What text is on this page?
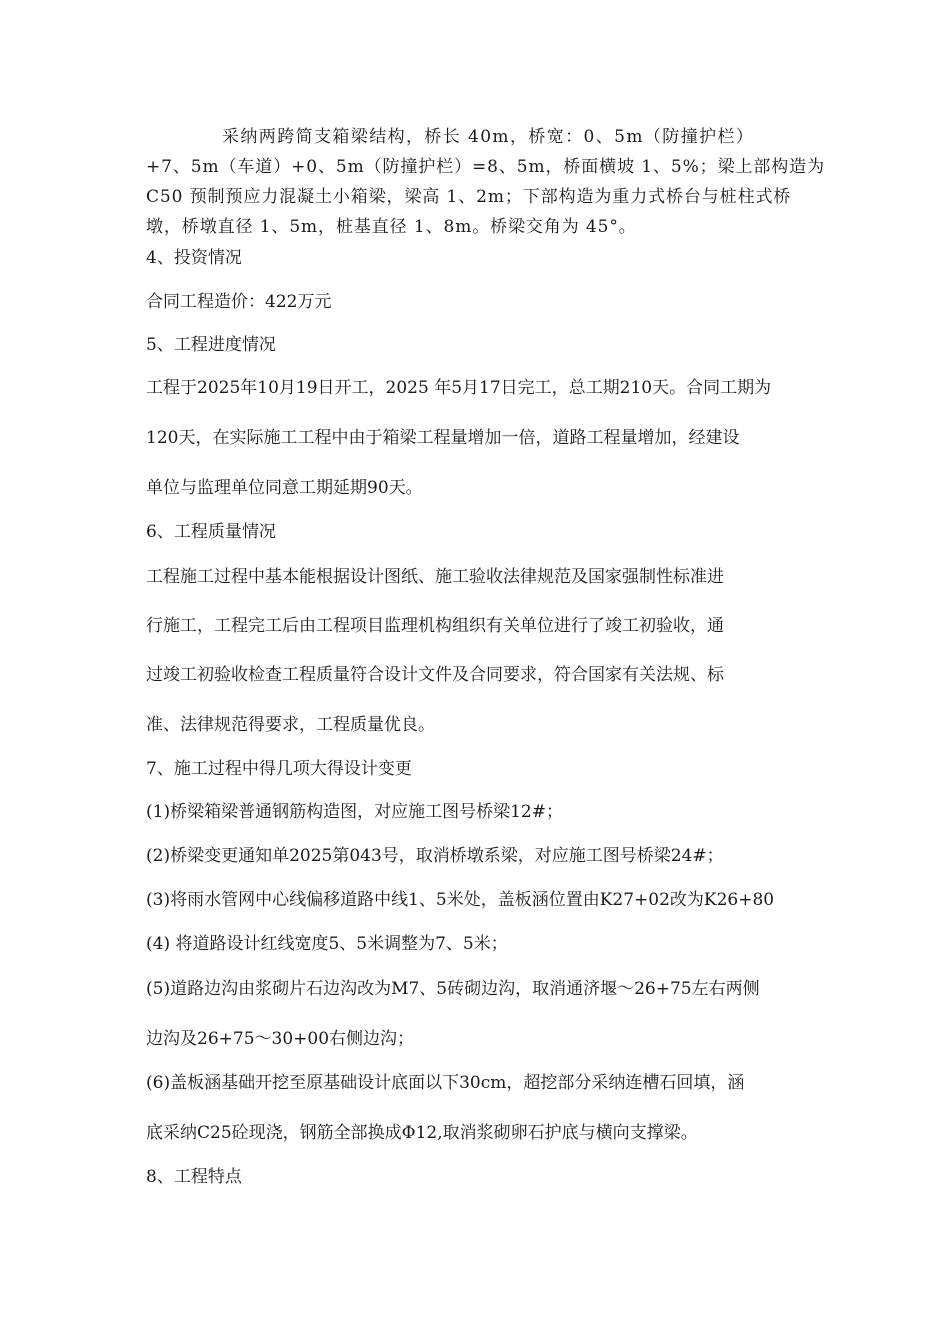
采纳两跨简支箱梁结构，桥长 40m，桥宽：0、5m（防撞护栏）
+7、5m（车道）+0、5m（防撞护栏）=8、5m，桥面横坡 1、5%；梁上部构造为
C50 预制预应力混凝土小箱梁，梁高 1、2m；下部构造为重力式桥台与桩柱式桥
墩，桥墩直径 1、5m，桩基直径 1、8m。桥梁交角为 45°。
4、投资情况
合同工程造价：422万元
5、工程进度情况
工程于2025年10月19日开工，2025 年5月17日完工，总工期210天。合同工期为
120天，在实际施工工程中由于箱梁工程量增加一倍，道路工程量增加，经建设
单位与监理单位同意工期延期90天。
6、工程质量情况
工程施工过程中基本能根据设计图纸、施工验收法律规范及国家强制性标准进
行施工，工程完工后由工程项目监理机构组织有关单位进行了竣工初验收，通
过竣工初验收检查工程质量符合设计文件及合同要求，符合国家有关法规、标
准、法律规范得要求，工程质量优良。
7、施工过程中得几项大得设计变更
(1)桥梁箱梁普通钢筋构造图，对应施工图号桥梁12#；
(2)桥梁变更通知单2025第043号，取消桥墩系梁，对应施工图号桥梁24#；
(3)将雨水管网中心线偏移道路中线1、5米处，盖板涵位置由K27+02改为K26+80
(4) 将道路设计红线宽度5、5米调整为7、5米；
(5)道路边沟由浆砌片石边沟改为M7、5砖砌边沟，取消通济堰～26+75左右两侧
边沟及26+75～30+00右侧边沟；
(6)盖板涵基础开挖至原基础设计底面以下30cm，超挖部分采纳连槽石回填，涵
底采纳C25砼现浇，钢筋全部换成Φ12,取消浆砌卵石护底与横向支撑梁。
8、工程特点
